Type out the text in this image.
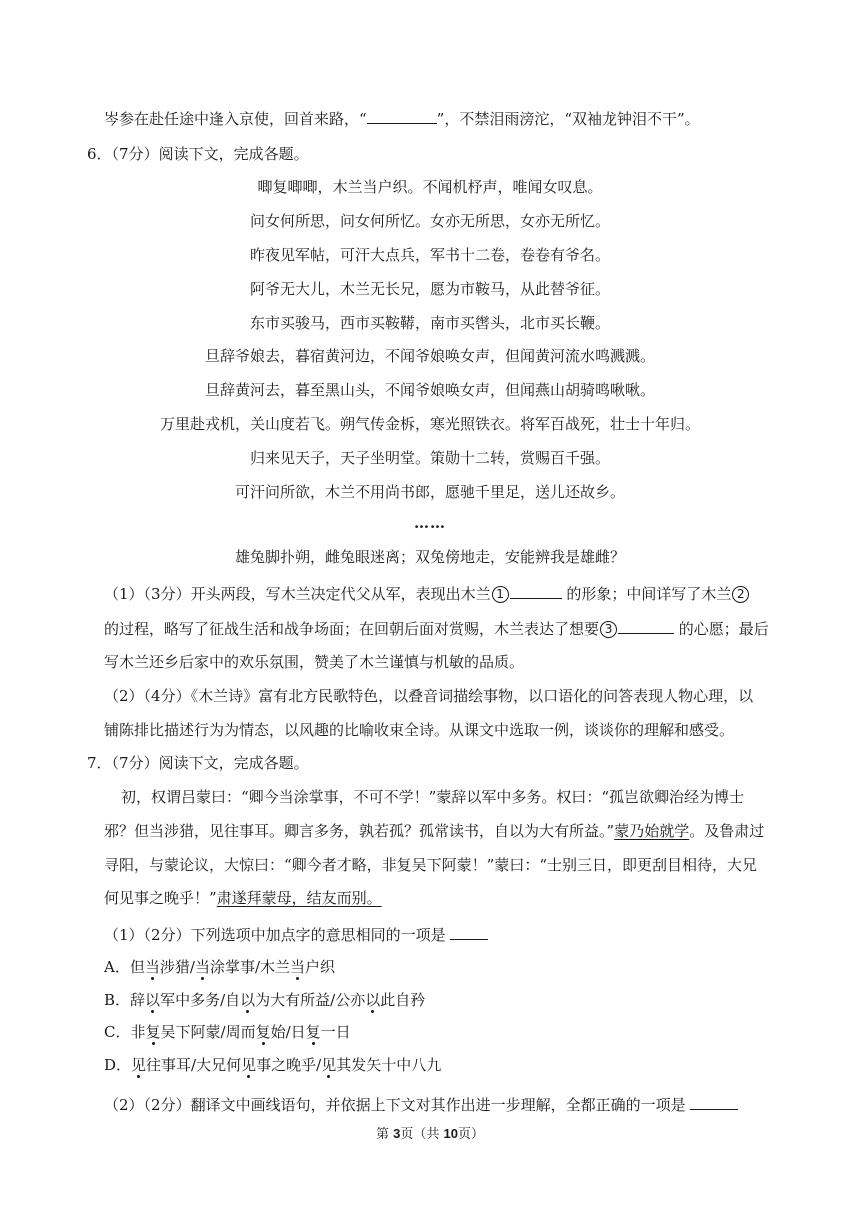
岑参在赴任途中逢入京使，回首来路，“	”，不禁泪雨滂沱，“双袖龙钟泪不干”。
6．（7分）阅读下文，完成各题。
唧复唧唧，木兰当户织。不闻机杼声，唯闻女叹息。
问女何所思，问女何所忆。女亦无所思，女亦无所忆。
昨夜见军帖，可汗大点兵，军书十二卷，卷卷有爷名。
阿爷无大儿，木兰无长兄，愿为市鞍马，从此替爷征。
东市买骏马，西市买鞍鞯，南市买辔头，北市买长鞭。
旦辞爷娘去，暮宿黄河边，不闻爷娘唤女声，但闻黄河流水鸣溅溅。
旦辞黄河去，暮至黑山头，不闻爷娘唤女声，但闻燕山胡骑鸣啾啾。
万里赴戎机，关山度若飞。朔气传金柝，寒光照铁衣。将军百战死，壮士十年归。
归来见天子，天子坐明堂。策勋十二转，赏赐百千强。
可汗问所欲，木兰不用尚书郎，愿驰千里足，送儿还故乡。
……
雄兔脚扑朔，雌兔眼迷离；双兔傍地走，安能辨我是雄雌？
（1）（3分）开头两段，写木兰决定代父从军，表现出木兰 1	的形象；中间详写了木兰 2
的过程，略写了征战生活和战争场面；在回朝后面对赏赐，木兰表达了想要 3	的心愿；最后
写木兰还乡后家中的欢乐氛围，赞美了木兰谨慎与机敏的品质。
（2）（4分）《木兰诗》富有北方民歌特色，以叠音词描绘事物，以口语化的问答表现人物心理，以
铺陈排比描述行为为情态，以风趣的比喻收束全诗。从课文中选取一例，谈谈你的理解和感受。
7．（7分）阅读下文，完成各题。
初，权谓吕蒙曰：“卿今当涂掌事，不可不学！”蒙辞以军中多务。权曰：“孤岂欲卿治经为博士
邪？但当涉猎，见往事耳。卿言多务，孰若孤？孤常读书，自以为大有所益。”蒙乃始就学。及鲁肃过
寻阳，与蒙论议，大惊曰：“卿今者才略，非复吴下阿蒙！”蒙曰：“士别三日，即更刮目相待，大兄
何见事之晚乎！”肃遂拜蒙母，结友而别。
（1）（2分）下列选项中加点字的意思相同的一项是
A．但当涉猎/当涂掌事/木兰当户织
B．辞以军中多务/自以为大有所益/公亦以此自矜
C．非复吴下阿蒙/周而复始/日复一日
D．见往事耳/大兄何见事之晚乎/见其发矢十中八九
（2）（2分）翻译文中画线语句，并依据上下文对其作出进一步理解，全都正确的一项是
第 3页（共 10页）
